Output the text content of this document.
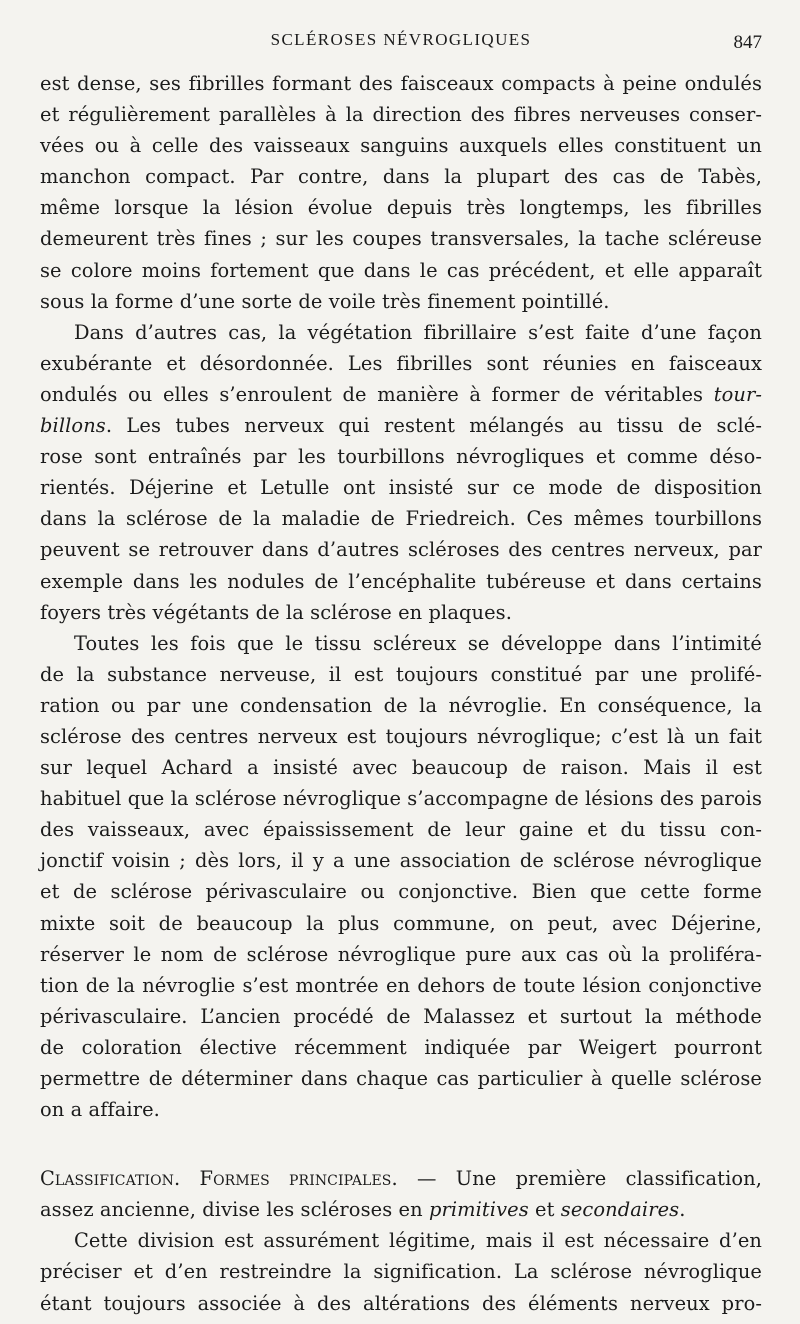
SCLÉROSES NÉVROGLIQUES	847

est dense, ses fibrilles formant des faisceaux compacts à peine ondulés

et régulièrement parallèles à la direction des fibres nerveuses conser-

vées ou à celle des vaisseaux sanguins auxquels elles constituent un

manchon compact. Par contre, dans la plupart des cas de Tabès,

même lorsque la lésion évolue depuis très longtemps, les fibrilles

demeurent très fines ; sur les coupes transversales, la tache scléreuse

se colore moins fortement que dans le cas précédent, et elle apparaît

sous la forme d’une sorte de voile très finement pointillé.

Dans d’autres cas, la végétation fibrillaire s’est faite d’une façon

exubérante et désordonnée. Les fibrilles sont réunies en faisceaux

ondulés ou elles s’enroulent de manière à former de véritables tour-

billons. Les tubes nerveux qui restent mélangés au tissu de sclé-

rose sont entraînés par les tourbillons névrogliques et comme déso-

rientés. Déjerine et Letulle ont insisté sur ce mode de disposition

dans la sclérose de la maladie de Friedreich. Ces mêmes tourbillons

peuvent se retrouver dans d’autres scléroses des centres nerveux, par

exemple dans les nodules de l’encéphalite tubéreuse et dans certains

foyers très végétants de la sclérose en plaques.

Toutes les fois que le tissu scléreux se développe dans l’intimité

de la substance nerveuse, il est toujours constitué par une prolifé-

ration ou par une condensation de la névroglie. En conséquence, la

sclérose des centres nerveux est toujours névroglique; c’est là un fait

sur lequel Achard a insisté avec beaucoup de raison. Mais il est

habituel que la sclérose névroglique s’accompagne de lésions des parois

des vaisseaux, avec épaississement de leur gaine et du tissu con-

jonctif voisin ; dès lors, il y a une association de sclérose névroglique

et de sclérose périvasculaire ou conjonctive. Bien que cette forme

mixte soit de beaucoup la plus commune, on peut, avec Déjerine,

réserver le nom de sclérose névroglique pure aux cas où la proliféra-

tion de la névroglie s’est montrée en dehors de toute lésion conjonctive

périvasculaire. L’ancien procédé de Malassez et surtout la méthode

de coloration élective récemment indiquée par Weigert pourront

permettre de déterminer dans chaque cas particulier à quelle sclérose

on a affaire.

Classification. Formes principales. — Une première classification,

assez ancienne, divise les scléroses en primitives et secondaires.

Cette division est assurément légitime, mais il est nécessaire d’en

préciser et d’en restreindre la signification. La sclérose névroglique

étant toujours associée à des altérations des éléments nerveux pro-
